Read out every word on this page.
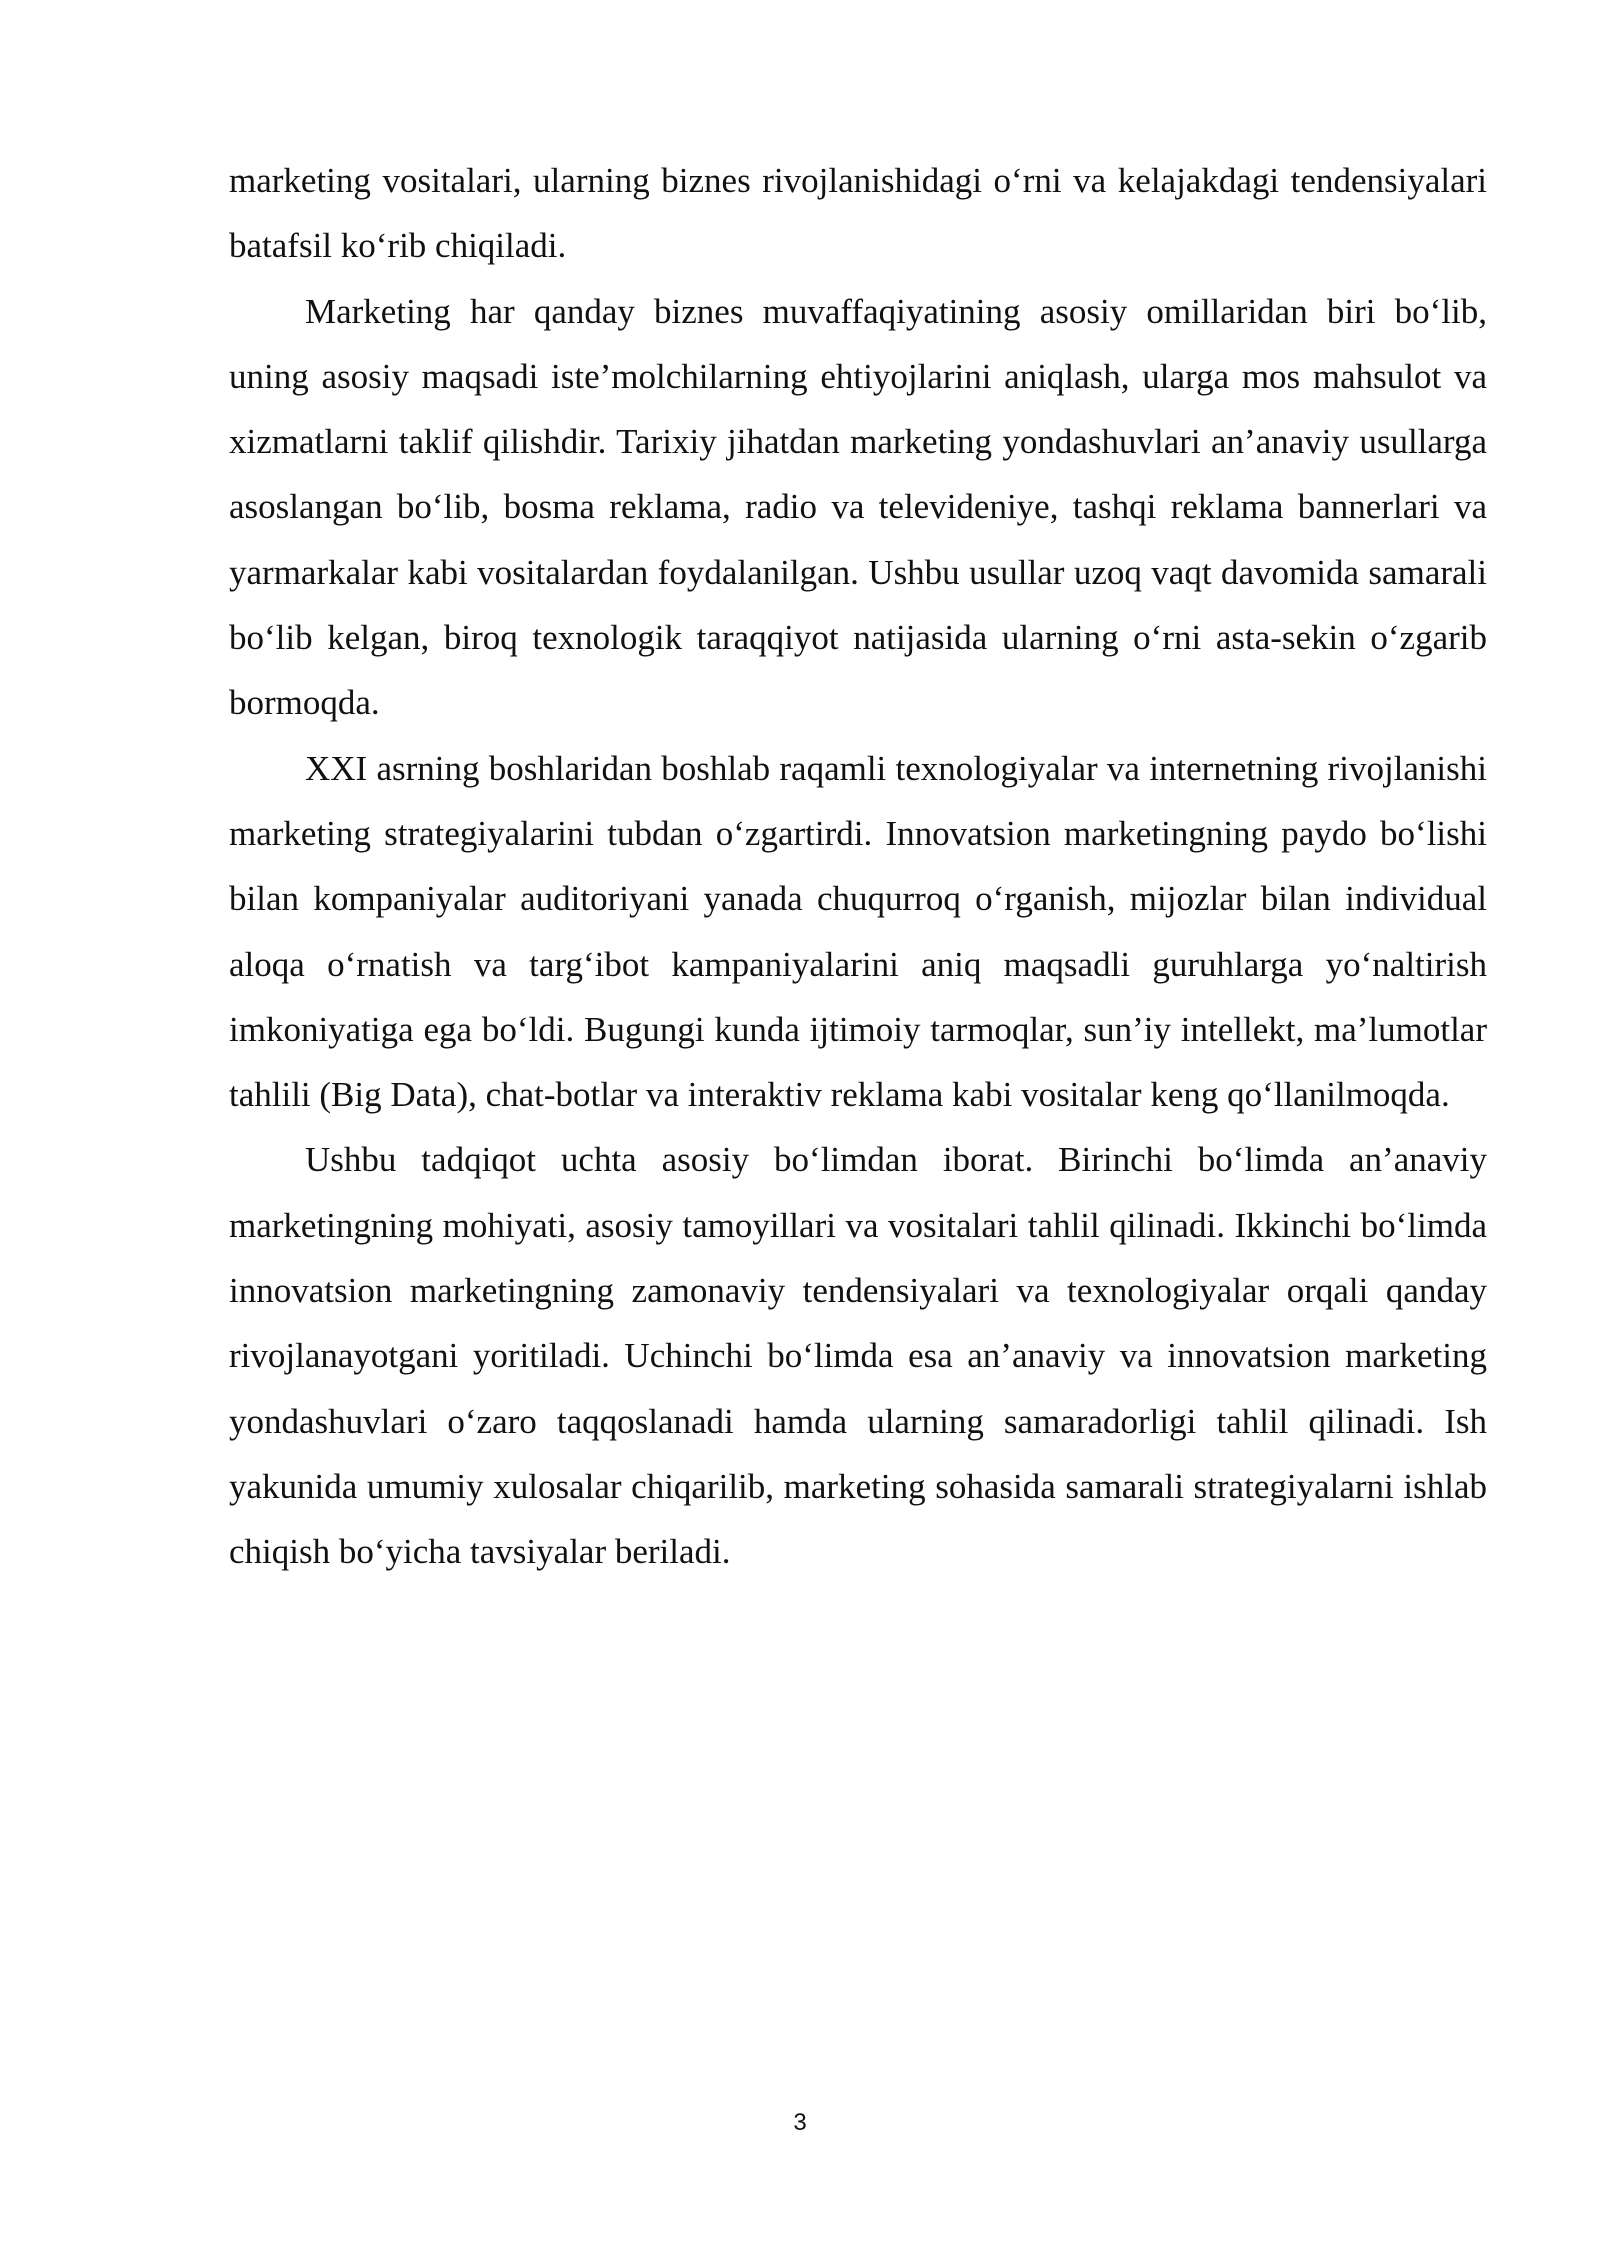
marketing vositalari, ularning biznes rivojlanishidagi o‘rni va kelajakdagi tendensiyalari batafsil ko‘rib chiqiladi.

Marketing har qanday biznes muvaffaqiyatining asosiy omillaridan biri bo‘lib, uning asosiy maqsadi iste’molchilarning ehtiyojlarini aniqlash, ularga mos mahsulot va xizmatlarni taklif qilishdir. Tarixiy jihatdan marketing yondashuvlari an’anaviy usullarga asoslangan bo‘lib, bosma reklama, radio va televideniye, tashqi reklama bannerlari va yarmarkalar kabi vositalardan foydalanilgan. Ushbu usullar uzoq vaqt davomida samarali bo‘lib kelgan, biroq texnologik taraqqiyot natijasida ularning o‘rni asta-sekin o‘zgarib bormoqda.

XXI asrning boshlaridan boshlab raqamli texnologiyalar va internetning rivojlanishi marketing strategiyalarini tubdan o‘zgartirdi. Innovatsion marketingning paydo bo‘lishi bilan kompaniyalar auditoriyani yanada chuqurroq o‘rganish, mijozlar bilan individual aloqa o‘rnatish va targ‘ibot kampaniyalarini aniq maqsadli guruhlarga yo‘naltirish imkoniyatiga ega bo‘ldi. Bugungi kunda ijtimoiy tarmoqlar, sun’iy intellekt, ma’lumotlar tahlili (Big Data), chat-botlar va interaktiv reklama kabi vositalar keng qo‘llanilmoqda.

Ushbu tadqiqot uchta asosiy bo‘limdan iborat. Birinchi bo‘limda an’anaviy marketingning mohiyati, asosiy tamoyillari va vositalari tahlil qilinadi. Ikkinchi bo‘limda innovatsion marketingning zamonaviy tendensiyalari va texnologiyalar orqali qanday rivojlanayotgani yoritiladi. Uchinchi bo‘limda esa an’anaviy va innovatsion marketing yondashuvlari o‘zaro taqqoslanadi hamda ularning samaradorligi tahlil qilinadi. Ish yakunida umumiy xulosalar chiqarilib, marketing sohasida samarali strategiyalarni ishlab chiqish bo‘yicha tavsiyalar beriladi.

3
